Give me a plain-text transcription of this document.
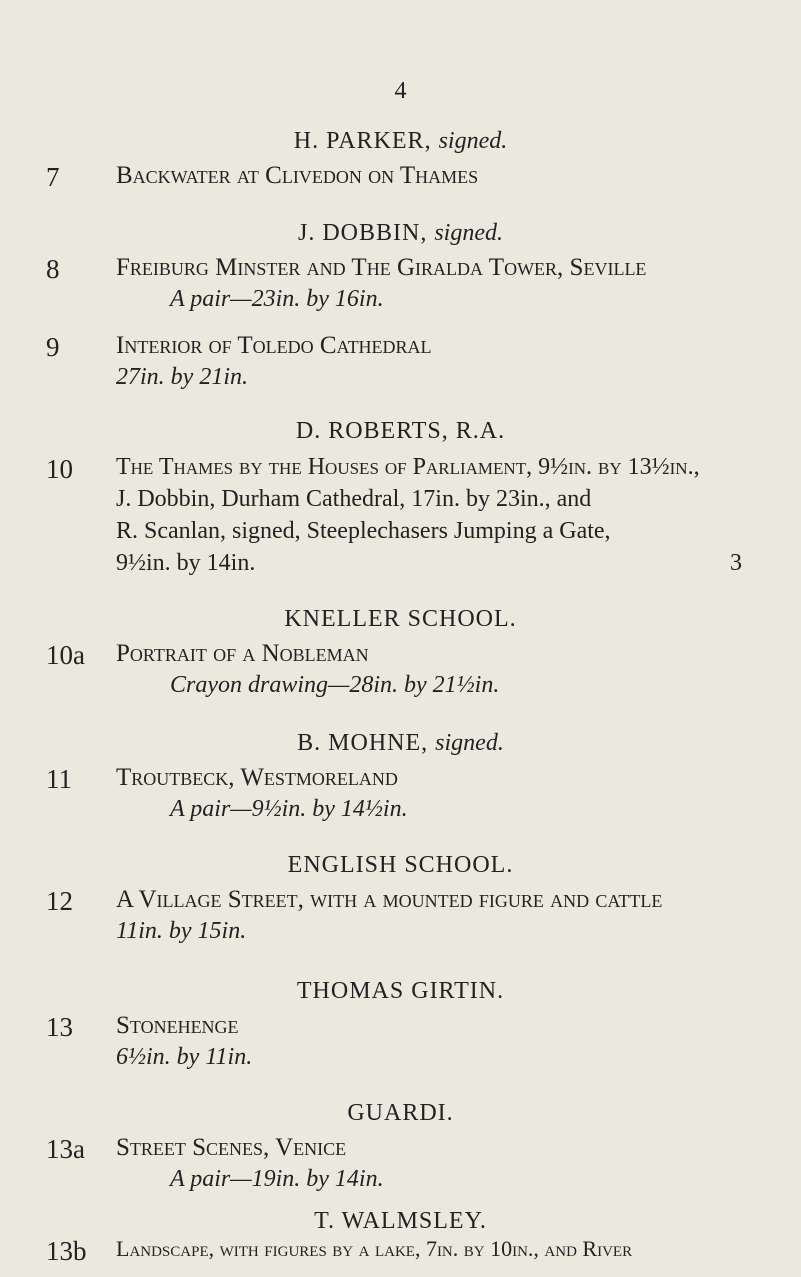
4
H. PARKER, signed.
7 Backwater at Clivedon on Thames
J. DOBBIN, signed.
8 Freiburg Minster and The Giralda Tower, Seville
A pair—23in. by 16in.
9 Interior of Toledo Cathedral
27in. by 21in.
D. ROBERTS, R.A.
10 The Thames by the Houses of Parliament, 9½in. by 13½in.,
J. Dobbin, Durham Cathedral, 17in. by 23in., and
R. Scanlan, signed, Steeplechasers Jumping a Gate,
9½in. by 14in.	3
KNELLER SCHOOL.
10a Portrait of a Nobleman
Crayon drawing—28in. by 21½in.
B. MOHNE, signed.
11 Troutbeck, Westmoreland
A pair—9½in. by 14½in.
ENGLISH SCHOOL.
12 A Village Street, with a mounted figure and cattle
11in. by 15in.
THOMAS GIRTIN.
13 Stonehenge
6½in. by 11in.
GUARDI.
13a Street Scenes, Venice
A pair—19in. by 14in.
T. WALMSLEY.
13b Landscape, with figures by a lake, 7in. by 10in., and River
